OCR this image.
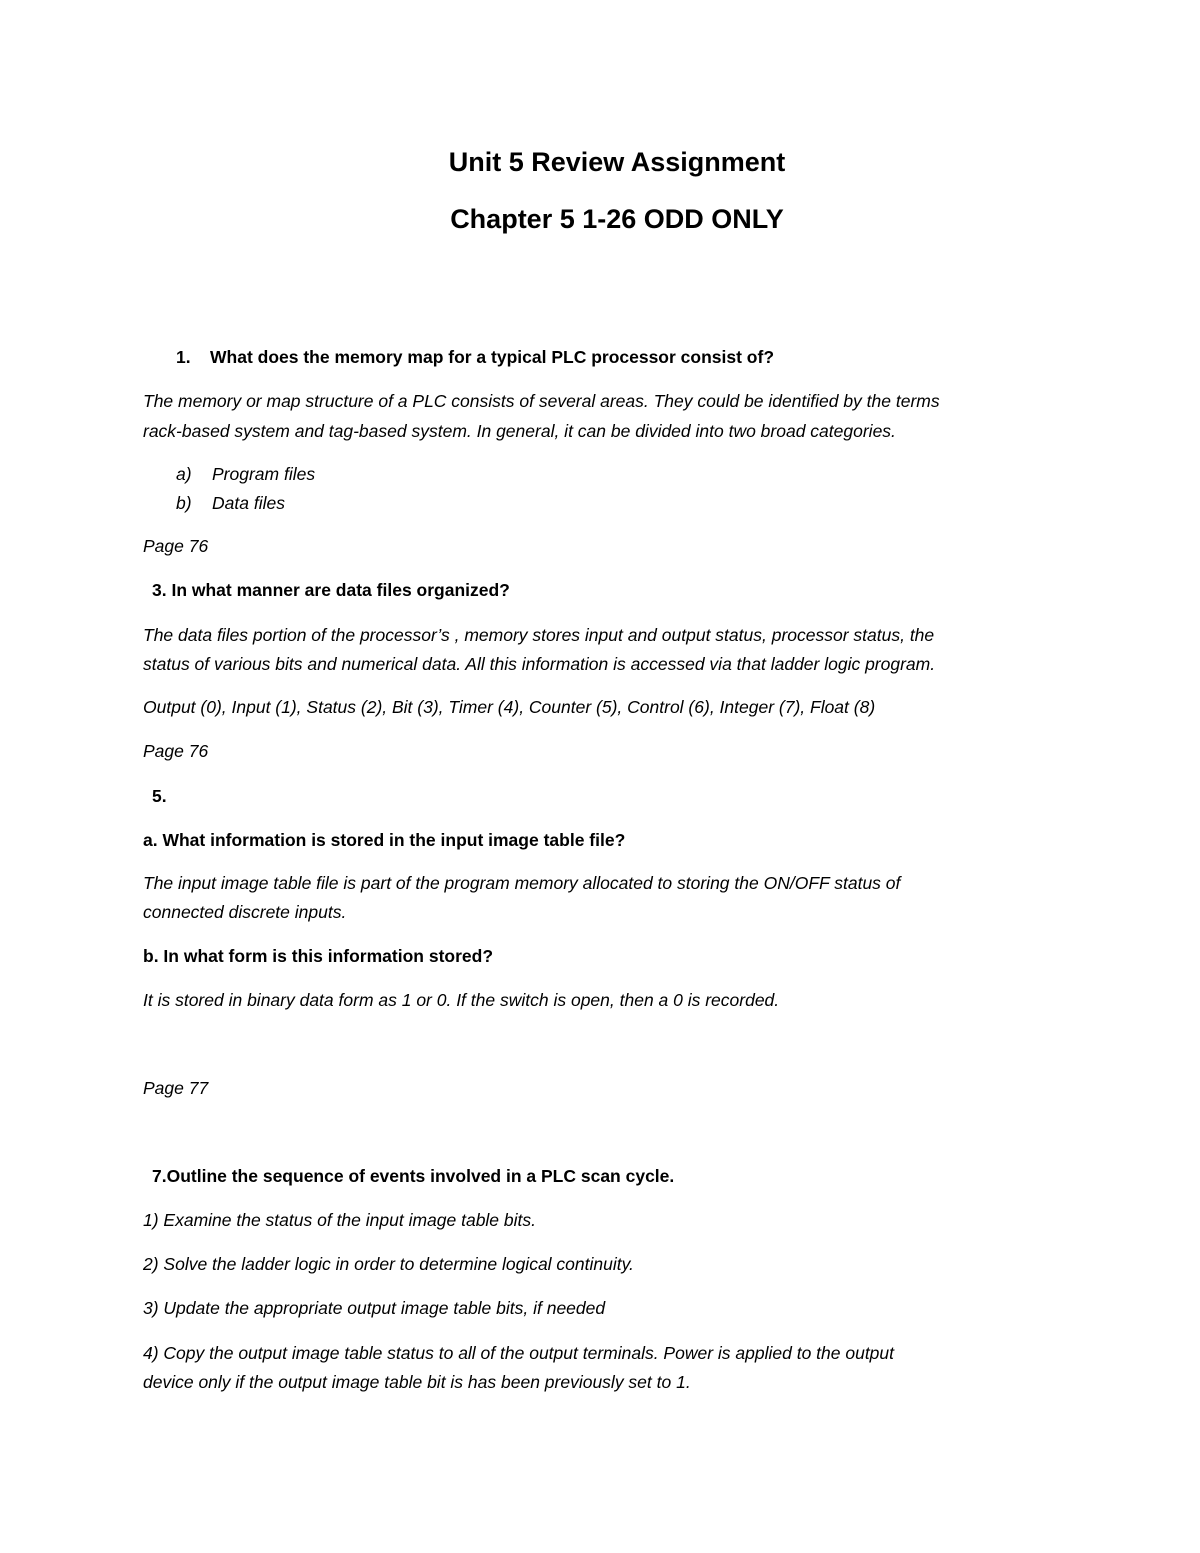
Unit 5 Review Assignment
Chapter 5 1-26 ODD ONLY
1. What does the memory map for a typical PLC processor consist of?
The memory or map structure of a PLC consists of several areas. They could be identified by the terms
rack-based system and tag-based system. In general, it can be divided into two broad categories.
a) Program files
b) Data files
Page 76
3. In what manner are data files organized?
The data files portion of the processor’s , memory stores input and output status, processor status, the
status of various bits and numerical data. All this information is accessed via that ladder logic program.
Output (0), Input (1), Status (2), Bit (3), Timer (4), Counter (5), Control (6), Integer (7), Float (8)
Page 76
5.
a. What information is stored in the input image table file?
The input image table file is part of the program memory allocated to storing the ON/OFF status of
connected discrete inputs.
b. In what form is this information stored?
It is stored in binary data form as 1 or 0. If the switch is open, then a 0 is recorded.
Page 77
7.Outline the sequence of events involved in a PLC scan cycle.
1) Examine the status of the input image table bits.
2) Solve the ladder logic in order to determine logical continuity.
3) Update the appropriate output image table bits, if needed
4) Copy the output image table status to all of the output terminals. Power is applied to the output
device only if the output image table bit is has been previously set to 1.
